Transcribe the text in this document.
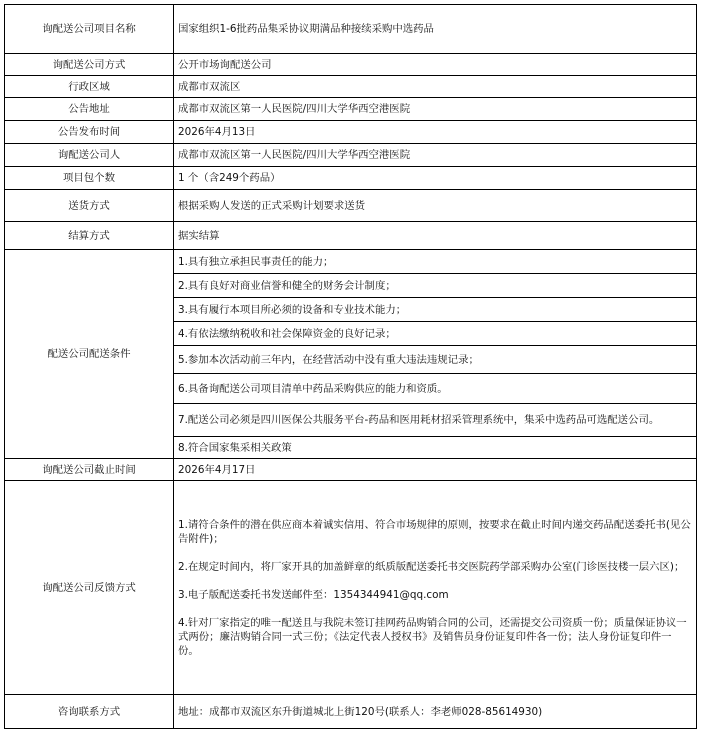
询配送公司项目名称	国家组织1-6批药品集采协议期满品种接续采购中选药品
询配送公司方式	公开市场询配送公司
行政区域	成都市双流区
公告地址	成都市双流区第一人民医院/四川大学华西空港医院
公告发布时间	2026年4月13日
询配送公司人	成都市双流区第一人民医院/四川大学华西空港医院
项目包个数	1 个（含249个药品）
送货方式	根据采购人发送的正式采购计划要求送货
结算方式	据实结算
配送公司配送条件	1.具有独立承担民事责任的能力；
	2.具有良好对商业信誉和健全的财务会计制度；
	3.具有履行本项目所必须的设备和专业技术能力；
	4.有依法缴纳税收和社会保障资金的良好记录；
	5.参加本次活动前三年内，在经营活动中没有重大违法违规记录；
	6.具备询配送公司项目清单中药品采购供应的能力和资质。
	7.配送公司必须是四川医保公共服务平台-药品和医用耗材招采管理系统中，集采中选药品可选配送公司。
	8.符合国家集采相关政策
询配送公司截止时间	2026年4月17日
询配送公司反馈方式	1.请符合条件的潜在供应商本着诚实信用、符合市场规律的原则，按要求在截止时间内递交药品配送委托书(见公告附件)；

2.在规定时间内，将厂家开具的加盖鲜章的纸质版配送委托书交医院药学部采购办公室(门诊医技楼一层六区)；

3.电子版配送委托书发送邮件至：1354344941@qq.com

4.针对厂家指定的唯一配送且与我院未签订挂网药品购销合同的公司，还需提交公司资质一份；质量保证协议一式两份；廉洁购销合同一式三份；《法定代表人授权书》及销售员身份证复印件各一份；法人身份证复印件一份。

咨询联系方式	地址：成都市双流区东升街道城北上街120号(联系人：李老师028-85614930)
